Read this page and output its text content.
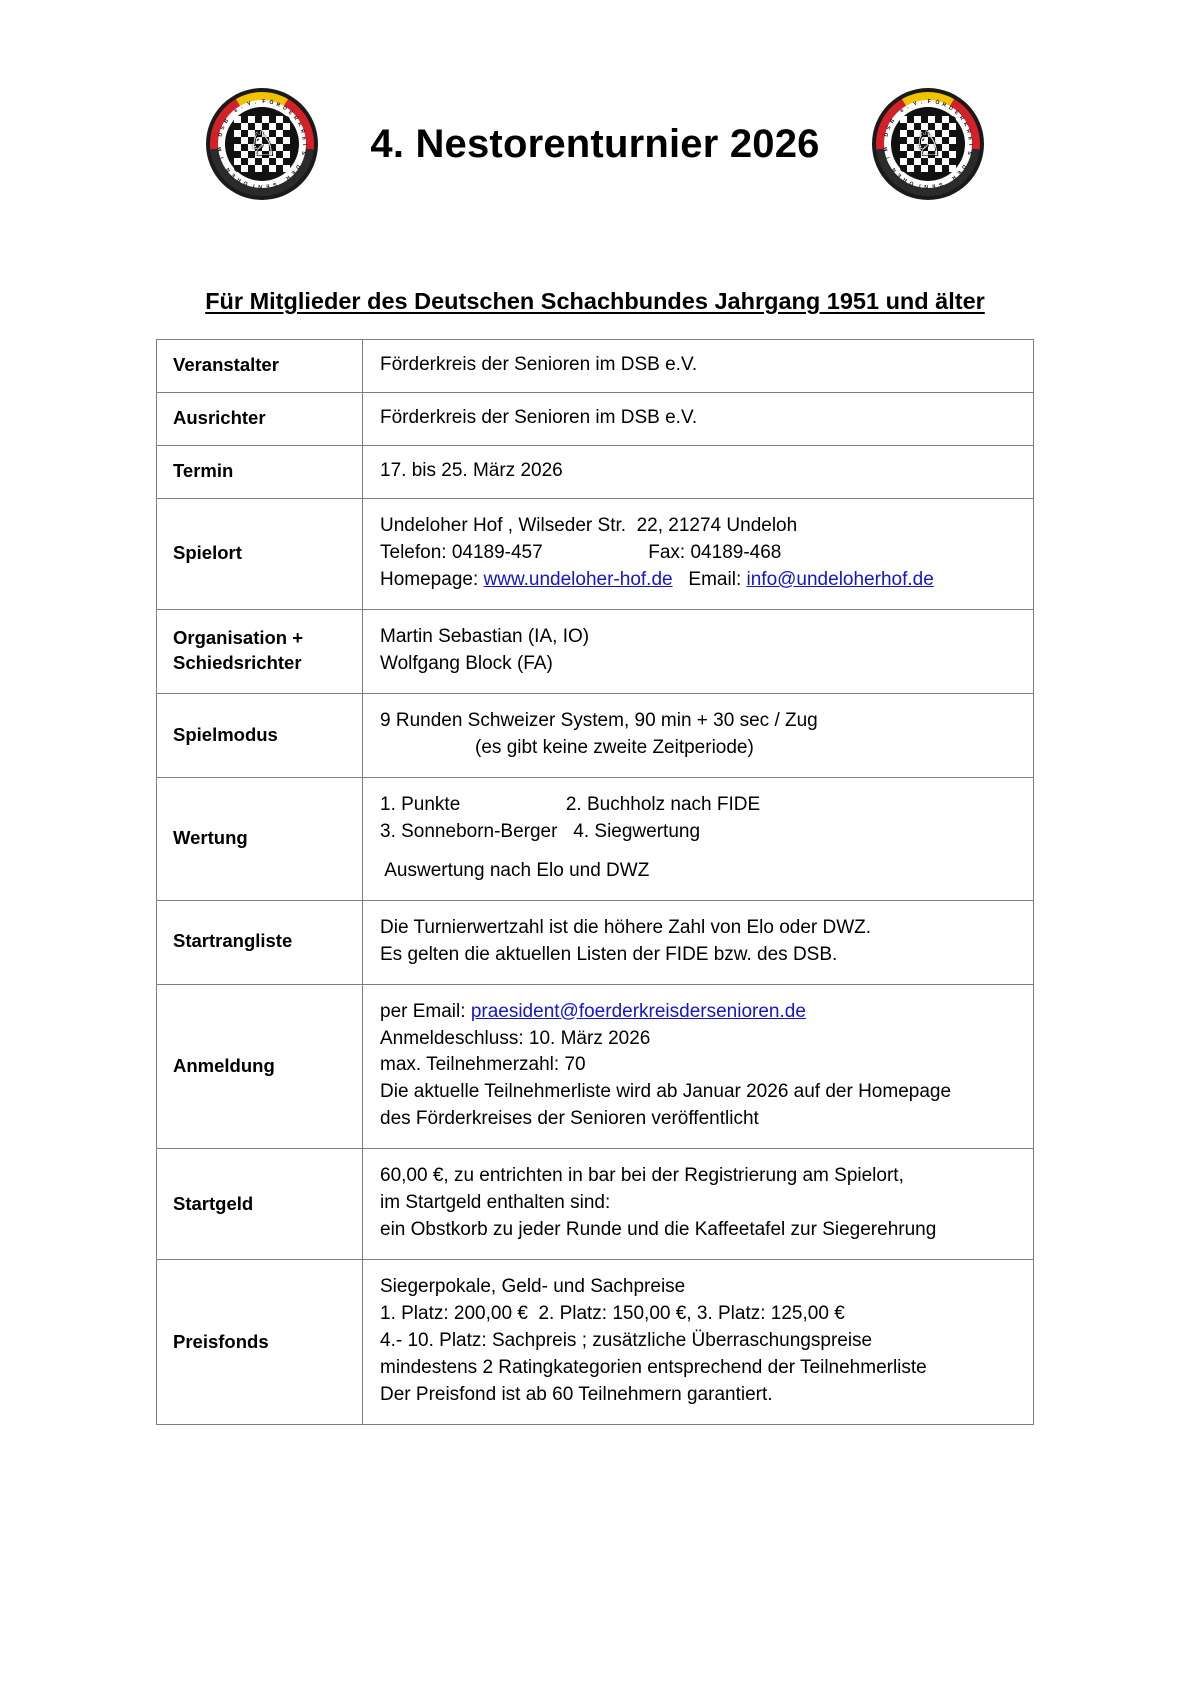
♘
F Ö R D
E
R
K
R
E
I
S
D
E
R
S
E
N
I
O
R
E
N
I
M
D
S
B
e
. V .
4. Nestorenturnier 2026	♘
F Ö R D
E
R
K
R
E
I
S
D
E
R
S
E
N
I
O
R
E
N
I
M
D
S
B
e
. V .
Für Mitglieder des Deutschen Schachbundes Jahrgang 1951 und älter
Veranstalter	Förderkreis der Senioren im DSB e.V.

Ausrichter	Förderkreis der Senioren im DSB e.V.

Termin	17. bis 25. März 2026

Spielort	Undeloher Hof , Wilseder Str.  22, 21274 Undeloh
Telefon: 04189-457                    Fax: 04189-468
Homepage: www.undeloher-hof.de   Email: info@undeloherhof.de

Organisation + Schiedsrichter	Martin Sebastian (IA, IO)
Wolfgang Block (FA)

Spielmodus	9 Runden Schweizer System, 90 min + 30 sec / Zug
(es gibt keine zweite Zeitperiode)

Wertung	1. Punkte                    2. Buchholz nach FIDE
3. Sonneborn-Berger   4. Siegwertung
Auswertung nach Elo und DWZ

Startrangliste	Die Turnierwertzahl ist die höhere Zahl von Elo oder DWZ.
Es gelten die aktuellen Listen der FIDE bzw. des DSB.

Anmeldung	per Email: praesident@foerderkreisdersenioren.de
Anmeldeschluss: 10. März 2026
max. Teilnehmerzahl: 70
Die aktuelle Teilnehmerliste wird ab Januar 2026 auf der Homepage
des Förderkreises der Senioren veröffentlicht

Startgeld	60,00 €, zu entrichten in bar bei der Registrierung am Spielort,
im Startgeld enthalten sind:
ein Obstkorb zu jeder Runde und die Kaffeetafel zur Siegerehrung

Preisfonds	Siegerpokale, Geld- und Sachpreise
1. Platz: 200,00 €  2. Platz: 150,00 €, 3. Platz: 125,00 €
4.- 10. Platz: Sachpreis ; zusätzliche Überraschungspreise
mindestens 2 Ratingkategorien entsprechend der Teilnehmerliste
Der Preisfond ist ab 60 Teilnehmern garantiert.
